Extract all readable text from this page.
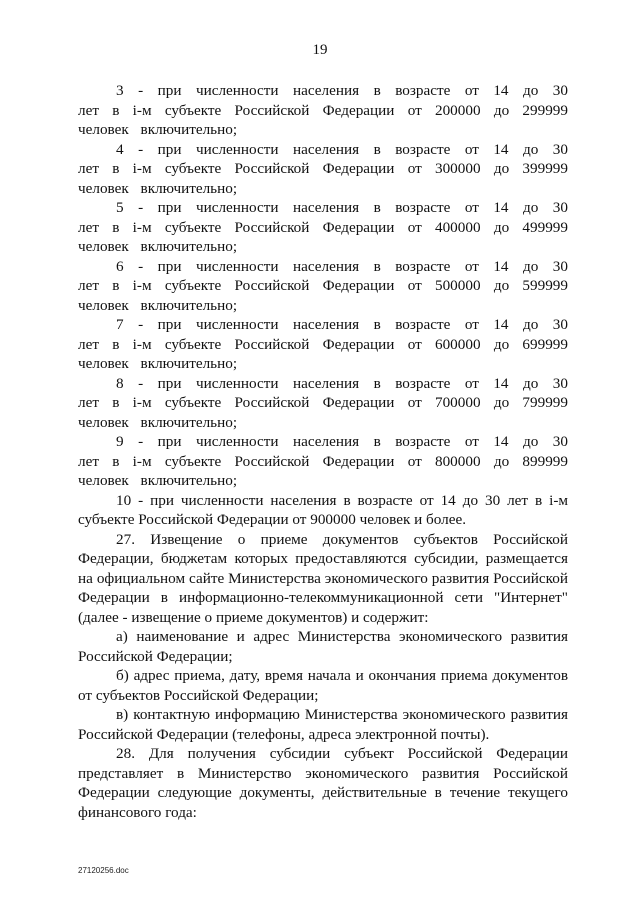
19

3 - при численности населения в возрасте от 14 до 30 лет в i-м субъекте Российской Федерации от 200000 до 299999 человек включительно;

4 - при численности населения в возрасте от 14 до 30 лет в i-м субъекте Российской Федерации от 300000 до 399999 человек включительно;

5 - при численности населения в возрасте от 14 до 30 лет в i-м субъекте Российской Федерации от 400000 до 499999 человек включительно;

6 - при численности населения в возрасте от 14 до 30 лет в i-м субъекте Российской Федерации от 500000 до 599999 человек включительно;

7 - при численности населения в возрасте от 14 до 30 лет в i-м субъекте Российской Федерации от 600000 до 699999 человек включительно;

8 - при численности населения в возрасте от 14 до 30 лет в i-м субъекте Российской Федерации от 700000 до 799999 человек включительно;

9 - при численности населения в возрасте от 14 до 30 лет в i-м субъекте Российской Федерации от 800000 до 899999 человек включительно;

10 - при численности населения в возрасте от 14 до 30 лет в i-м субъекте Российской Федерации от 900000 человек и более.

27. Извещение о приеме документов субъектов Российской Федерации, бюджетам которых предоставляются субсидии, размещается на официальном сайте Министерства экономического развития Российской Федерации в информационно-телекоммуникационной сети "Интернет" (далее - извещение о приеме документов) и содержит:

а) наименование и адрес Министерства экономического развития Российской Федерации;

б) адрес приема, дату, время начала и окончания приема документов от субъектов Российской Федерации;

в) контактную информацию Министерства экономического развития Российской Федерации (телефоны, адреса электронной почты).

28. Для получения субсидии субъект Российской Федерации представляет в Министерство экономического развития Российской Федерации следующие документы, действительные в течение текущего финансового года:

27120256.doc
